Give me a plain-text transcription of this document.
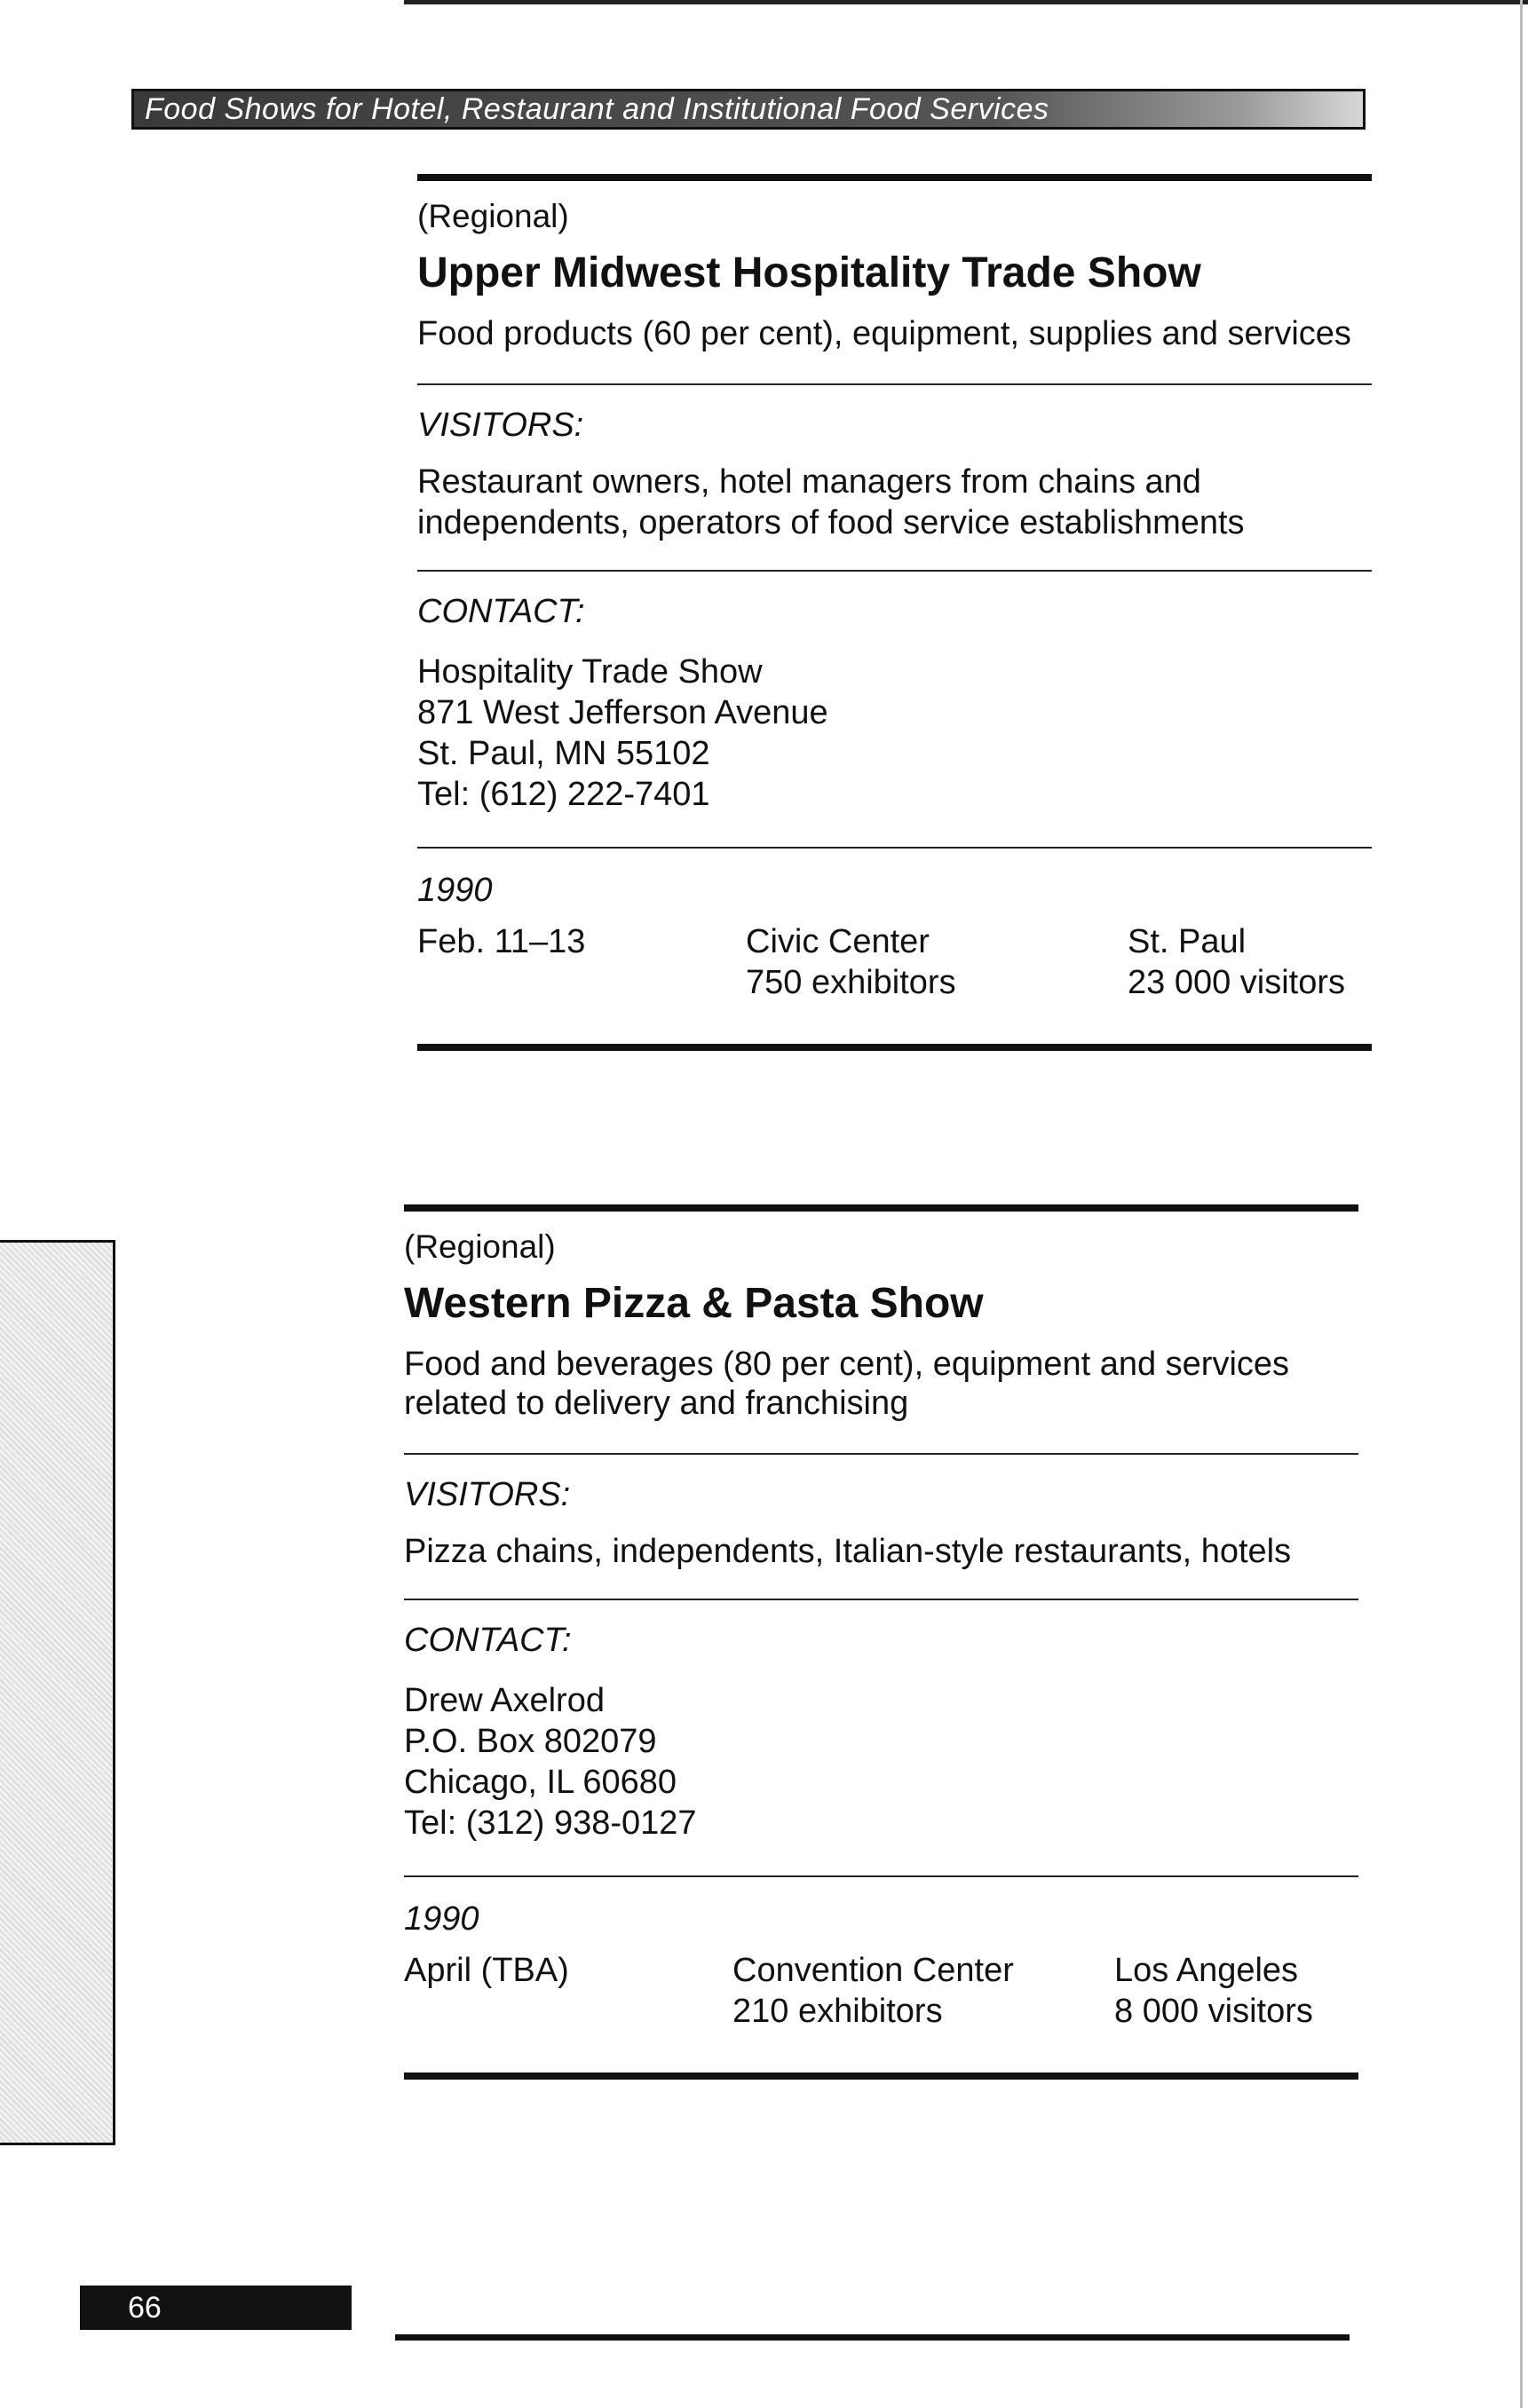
Food Shows for Hotel, Restaurant and Institutional Food Services
(Regional)
Upper Midwest Hospitality Trade Show
Food products (60 per cent), equipment, supplies and services
VISITORS:
Restaurant owners, hotel managers from chains and independents, operators of food service establishments
CONTACT:
Hospitality Trade Show
871 West Jefferson Avenue
St. Paul, MN 55102
Tel: (612) 222-7401
1990
Feb. 11–13	Civic Center
750 exhibitors
St. Paul
23 000 visitors
(Regional)
Western Pizza & Pasta Show
Food and beverages (80 per cent), equipment and services related to delivery and franchising
VISITORS:
Pizza chains, independents, Italian-style restaurants, hotels
CONTACT:
Drew Axelrod
P.O. Box 802079
Chicago, IL 60680
Tel: (312) 938-0127
1990
April (TBA)	Convention Center
210 exhibitors
Los Angeles
8 000 visitors
66
